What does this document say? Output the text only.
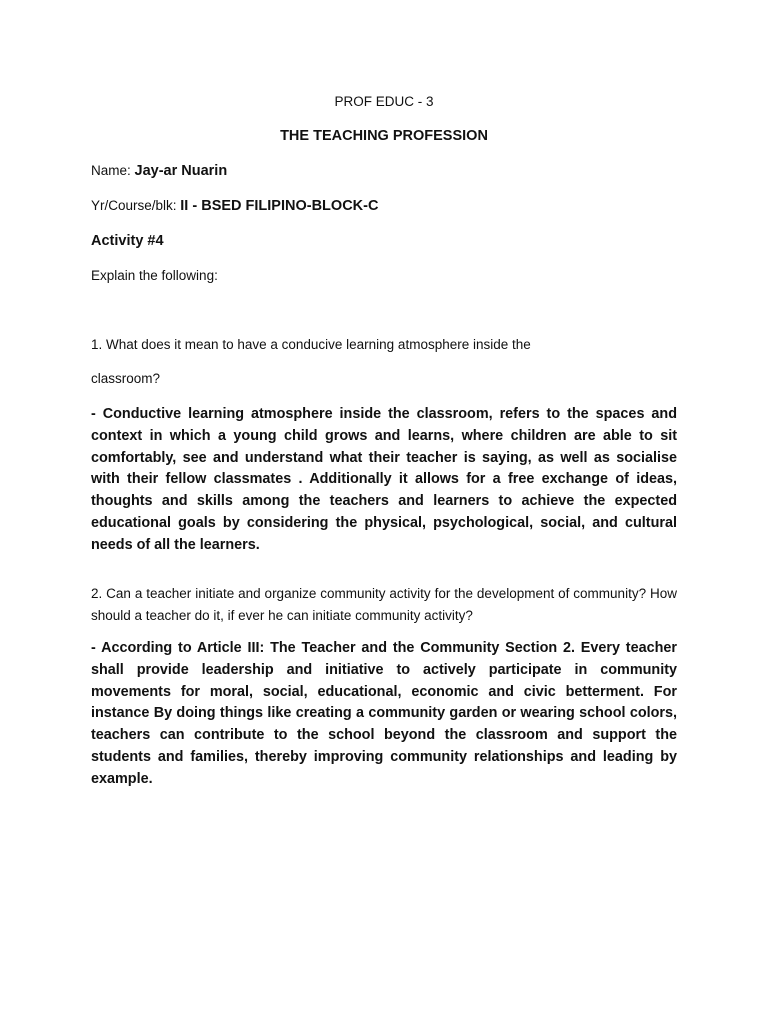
PROF EDUC - 3
THE TEACHING PROFESSION
Name: Jay-ar Nuarin
Yr/Course/blk: II - BSED FILIPINO-BLOCK-C
Activity #4
Explain the following:
1. What does it mean to have a conducive learning atmosphere inside the
classroom?
- Conductive learning atmosphere inside the classroom, refers to the spaces and context in which a young child grows and learns, where children are able to sit comfortably, see and understand what their teacher is saying, as well as socialise with their fellow classmates . Additionally it allows for a free exchange of ideas, thoughts and skills among the teachers and learners to achieve the expected educational goals by considering the physical, psychological, social, and cultural needs of all the learners.
2. Can a teacher initiate and organize community activity for the development of community? How should a teacher do it, if ever he can initiate community activity?
- According to Article III: The Teacher and the Community Section 2. Every teacher shall provide leadership and initiative to actively participate in community movements for moral, social, educational, economic and civic betterment. For instance By doing things like creating a community garden or wearing school colors, teachers can contribute to the school beyond the classroom and support the students and families, thereby improving community relationships and leading by example.
